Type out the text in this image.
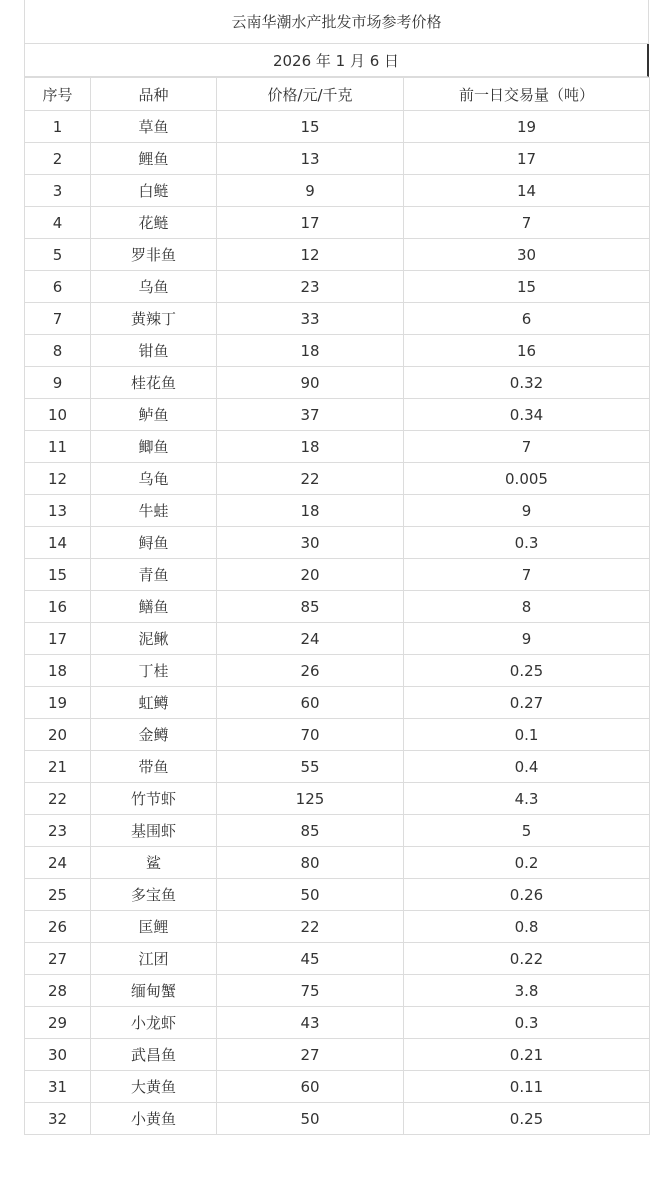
云南华潮水产批发市场参考价格
2026 年 1 月 6 日
序号	品种	价格/元/千克	前一日交易量（吨）
1	草鱼	15	19
2	鲤鱼	13	17
3	白鲢	9	14
4	花鲢	17	7
5	罗非鱼	12	30
6	乌鱼	23	15
7	黄辣丁	33	6
8	钳鱼	18	16
9	桂花鱼	90	0.32
10	鲈鱼	37	0.34
11	鲫鱼	18	7
12	乌龟	22	0.005
13	牛蛙	18	9
14	鲟鱼	30	0.3
15	青鱼	20	7
16	鳝鱼	85	8
17	泥鳅	24	9
18	丁桂	26	0.25
19	虹鳟	60	0.27
20	金鳟	70	0.1
21	带鱼	55	0.4
22	竹节虾	125	4.3
23	基围虾	85	5
24	鲨	80	0.2
25	多宝鱼	50	0.26
26	匡鲤	22	0.8
27	江团	45	0.22
28	缅甸蟹	75	3.8
29	小龙虾	43	0.3
30	武昌鱼	27	0.21
31	大黄鱼	60	0.11
32	小黄鱼	50	0.25
